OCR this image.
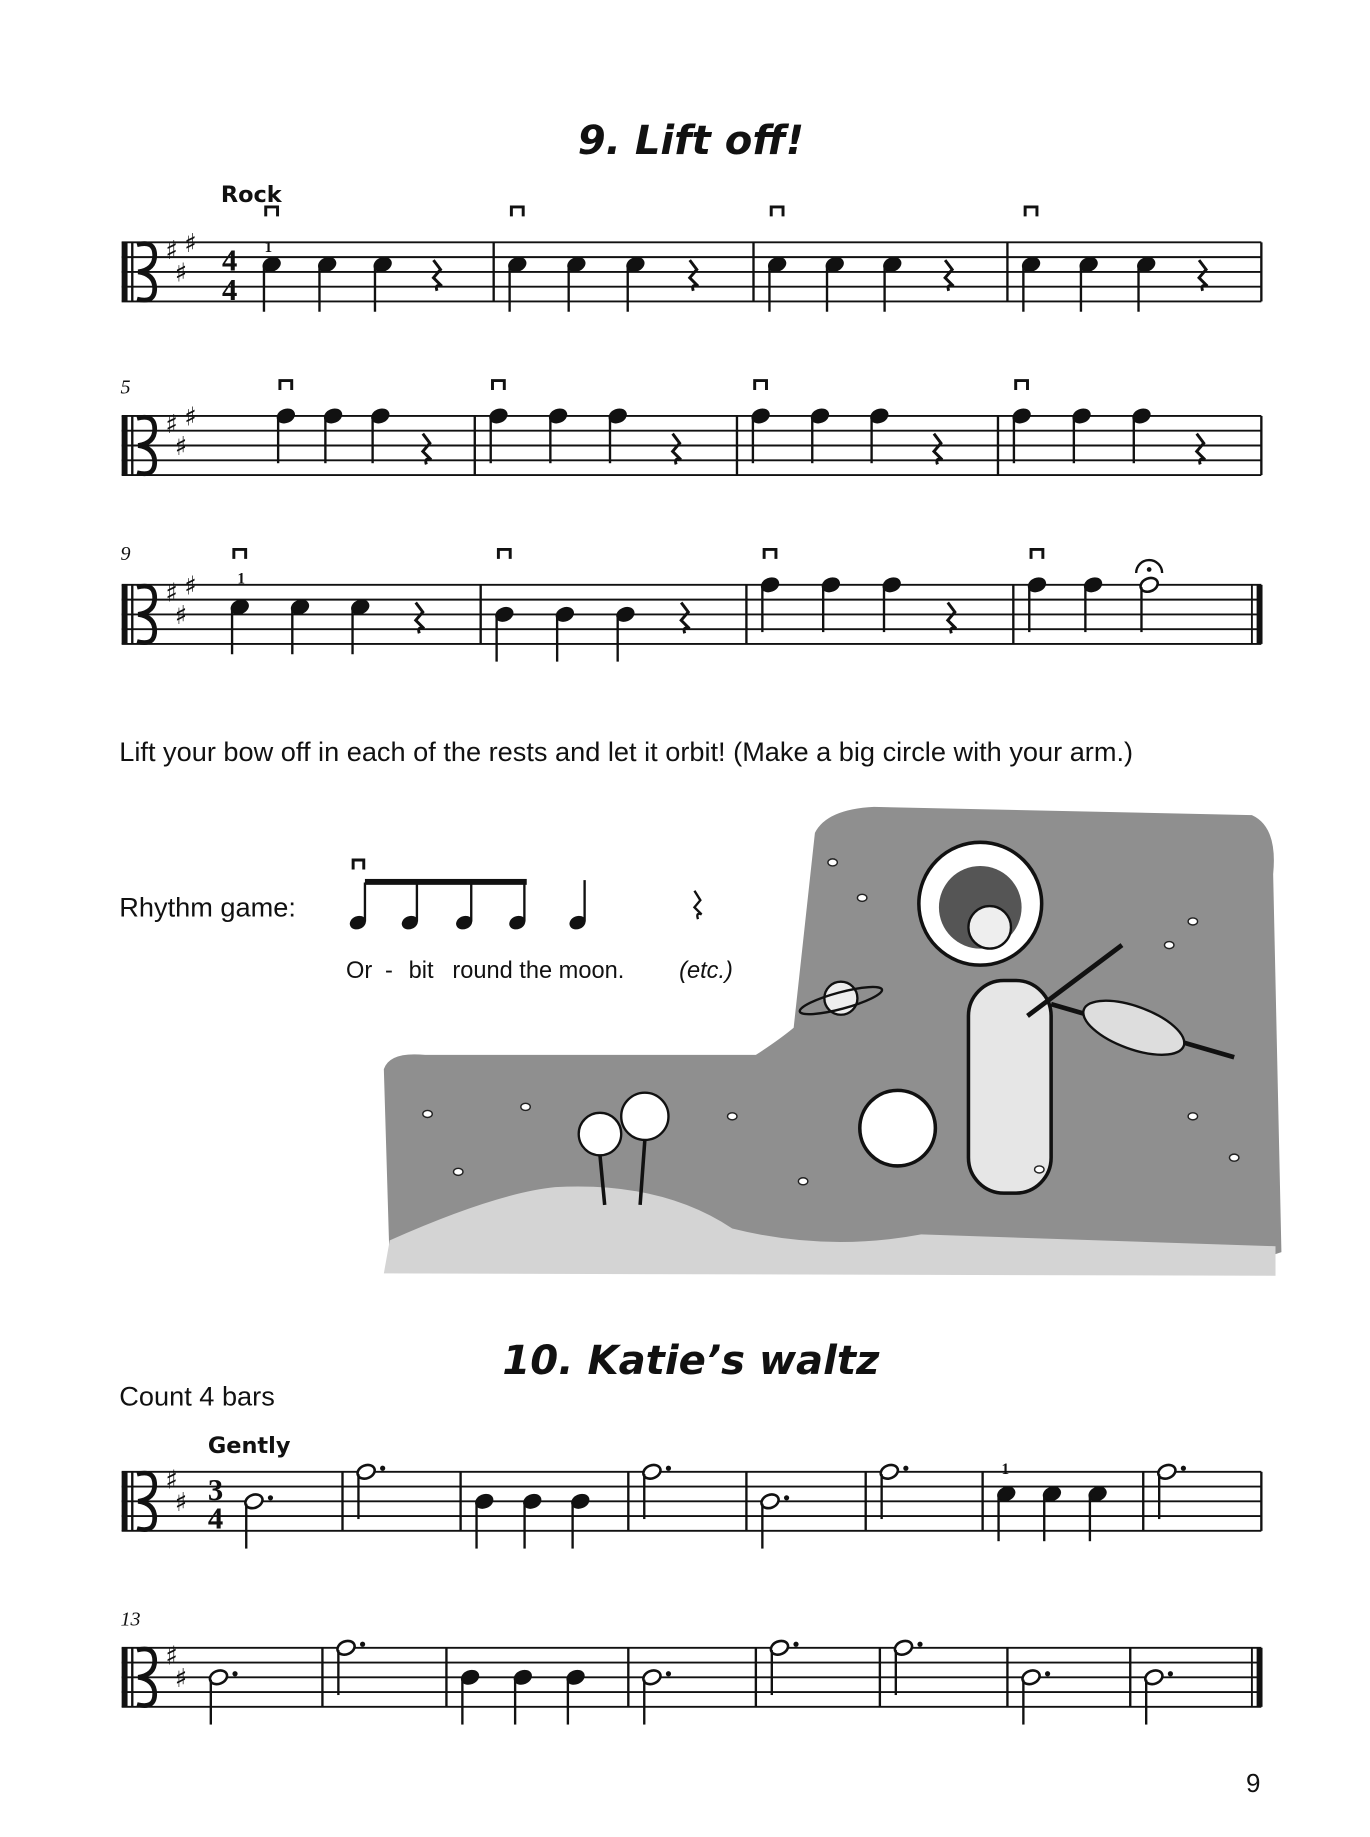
9. Lift off!
Rock
5
9
1
1
4
4
Lift your bow off in each of the rests and let it orbit! (Make a big circle with your arm.)
Rhythm game:
Or - bit round the moon.	(etc.)
10. Katie’s waltz
Count 4 bars
Gently
3
4
13
1
9
♯
♯
♯
♯
♯
♯
♯
♯
♯
♯
♯
♯
♯
